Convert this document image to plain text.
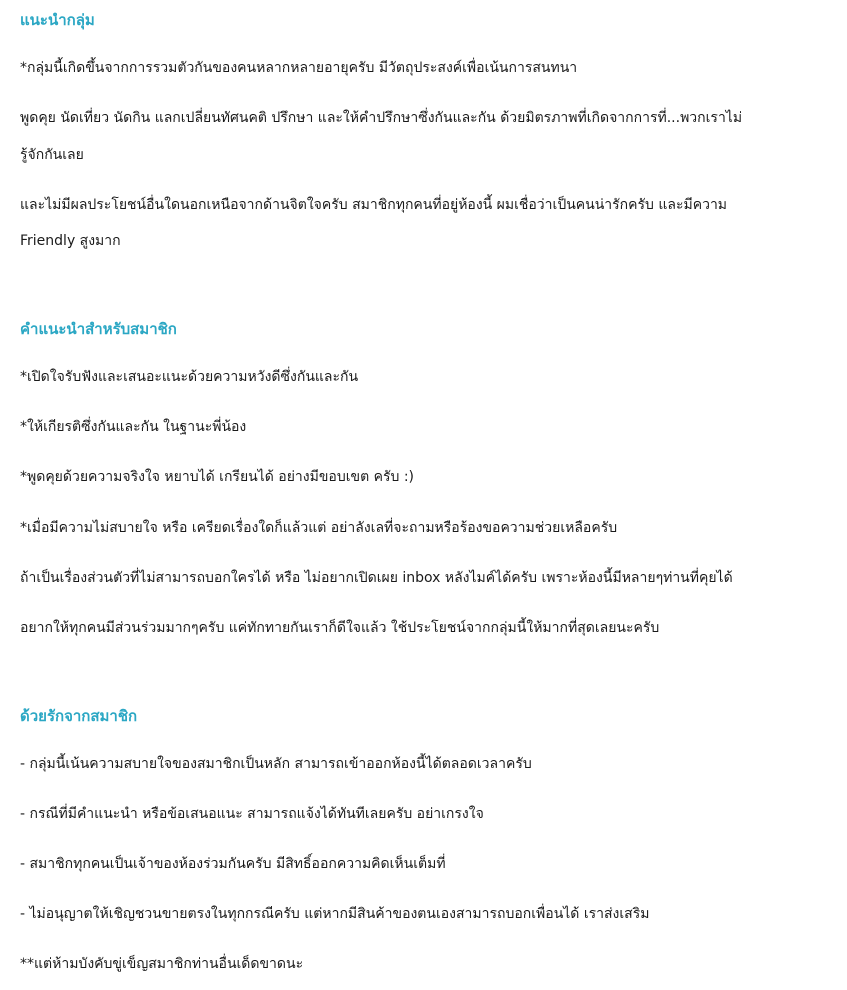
แนะนำกลุ่ม
*กลุ่มนี้เกิดขึ้นจากการรวมตัวกันของคนหลากหลายอายุครับ มีวัตถุประสงค์เพื่อเน้นการสนทนา
พูดคุย นัดเที่ยว นัดกิน แลกเปลี่ยนทัศนคติ ปรึกษา และให้คำปรึกษาซึ่งกันและกัน ด้วยมิตรภาพที่เกิดจากการที่...พวกเราไม่
รู้จักกันเลย
และไม่มีผลประโยชน์อื่นใดนอกเหนือจากด้านจิตใจครับ สมาชิกทุกคนที่อยู่ห้องนี้ ผมเชื่อว่าเป็นคนน่ารักครับ และมีความ
Friendly สูงมาก
คำแนะนำสำหรับสมาชิก
*เปิดใจรับฟังและเสนอะแนะด้วยความหวังดีซึ่งกันและกัน
*ให้เกียรติซึ่งกันและกัน ในฐานะพี่น้อง
*พูดคุยด้วยความจริงใจ หยาบได้ เกรียนได้ อย่างมีขอบเขต ครับ :)
*เมื่อมีความไม่สบายใจ หรือ เครียดเรื่องใดก็แล้วแต่ อย่าลังเลที่จะถามหรือร้องขอความช่วยเหลือครับ
ถ้าเป็นเรื่องส่วนตัวที่ไม่สามารถบอกใครได้ หรือ ไม่อยากเปิดเผย inbox หลังไมค์ได้ครับ เพราะห้องนี้มีหลายๆท่านที่คุยได้
อยากให้ทุกคนมีส่วนร่วมมากๆครับ แค่ทักทายกันเราก็ดีใจแล้ว ใช้ประโยชน์จากกลุ่มนี้ให้มากที่สุดเลยนะครับ
ด้วยรักจากสมาชิก
- กลุ่มนี้เน้นความสบายใจของสมาชิกเป็นหลัก สามารถเข้าออกห้องนี้ได้ตลอดเวลาครับ
- กรณีที่มีคำแนะนำ หรือข้อเสนอแนะ สามารถแจ้งได้ทันทีเลยครับ อย่าเกรงใจ
- สมาชิกทุกคนเป็นเจ้าของห้องร่วมกันครับ มีสิทธิ์ออกความคิดเห็นเต็มที่
- ไม่อนุญาตให้เชิญชวนขายตรงในทุกกรณีครับ แต่หากมีสินค้าของตนเองสามารถบอกเพื่อนได้ เราส่งเสริม
**แต่ห้ามบังคับขู่เข็ญสมาชิกท่านอื่นเด็ดขาดนะ
